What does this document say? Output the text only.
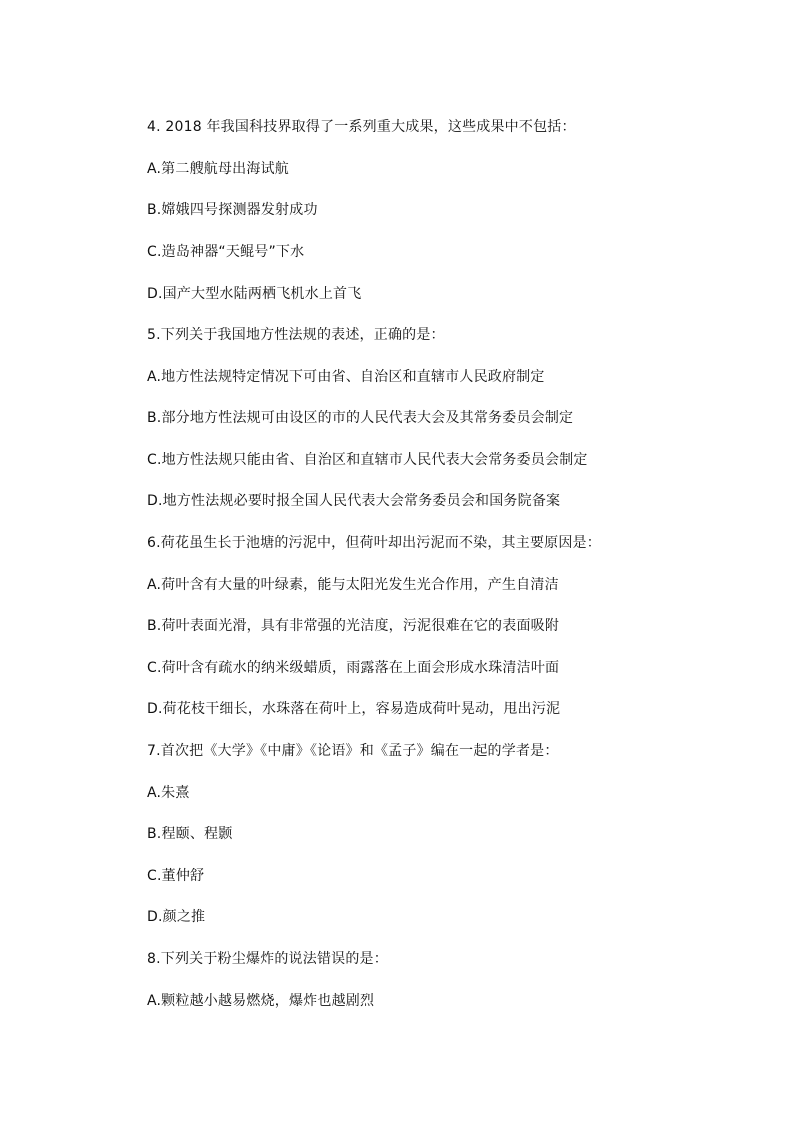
4. 2018 年我国科技界取得了一系列重大成果，这些成果中不包括：
A.第二艘航母出海试航
B.嫦娥四号探测器发射成功
C.造岛神器“天鲲号”下水
D.国产大型水陆两栖飞机水上首飞
5.下列关于我国地方性法规的表述，正确的是：
A.地方性法规特定情况下可由省、自治区和直辖市人民政府制定
B.部分地方性法规可由设区的市的人民代表大会及其常务委员会制定
C.地方性法规只能由省、自治区和直辖市人民代表大会常务委员会制定
D.地方性法规必要时报全国人民代表大会常务委员会和国务院备案
6.荷花虽生长于池塘的污泥中，但荷叶却出污泥而不染，其主要原因是：
A.荷叶含有大量的叶绿素，能与太阳光发生光合作用，产生自清洁
B.荷叶表面光滑，具有非常强的光洁度，污泥很难在它的表面吸附
C.荷叶含有疏水的纳米级蜡质，雨露落在上面会形成水珠清洁叶面
D.荷花枝干细长，水珠落在荷叶上，容易造成荷叶晃动，甩出污泥
7.首次把《大学》《中庸》《论语》和《孟子》编在一起的学者是：
A.朱熹
B.程颐、程颢
C.董仲舒
D.颜之推
8.下列关于粉尘爆炸的说法错误的是：
A.颗粒越小越易燃烧，爆炸也越剧烈
